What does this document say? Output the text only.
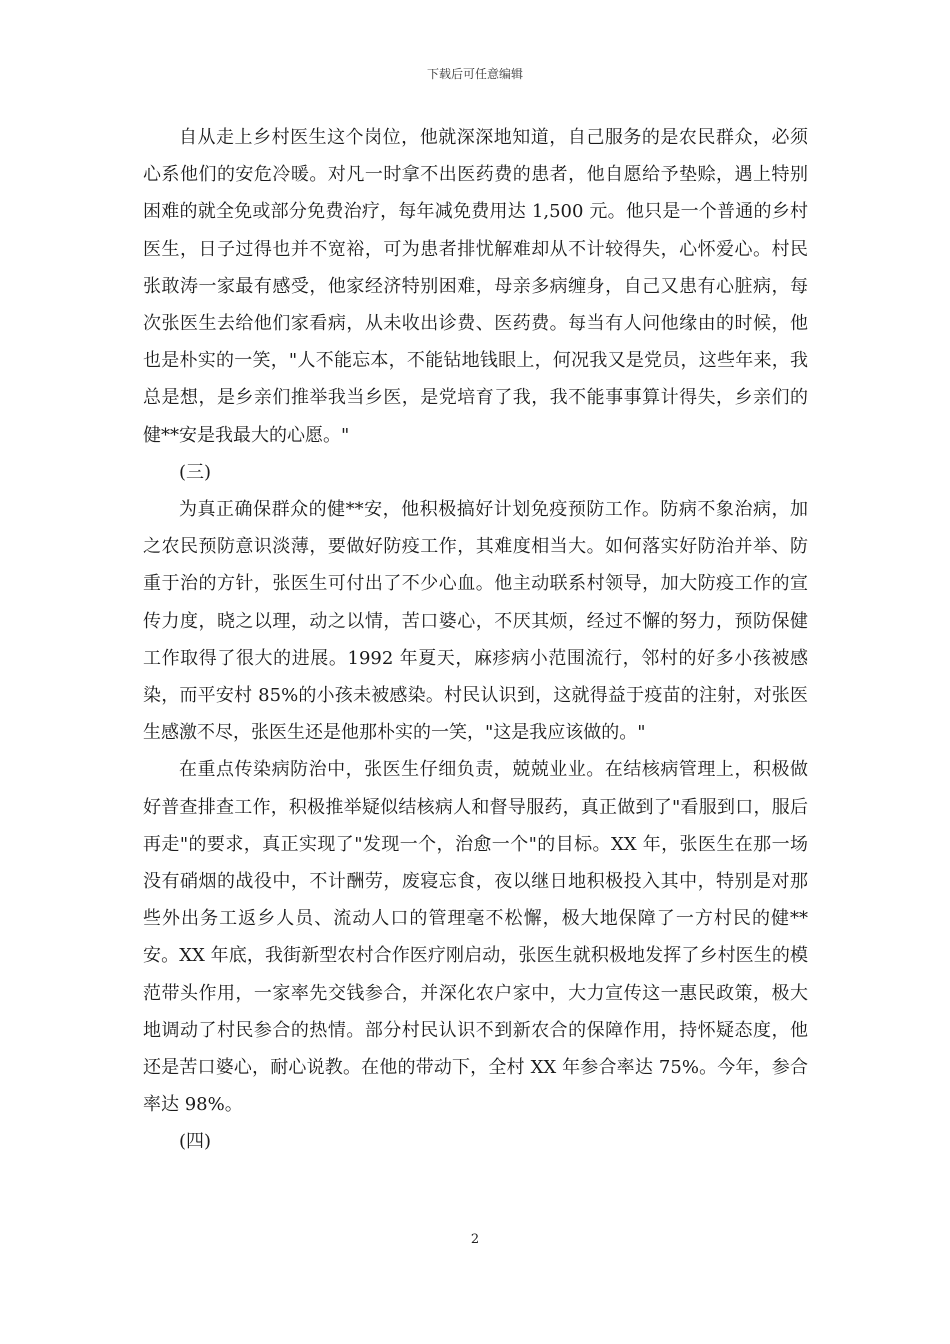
下载后可任意编辑

自从走上乡村医生这个岗位，他就深深地知道，自己服务的是农民群众，必须心系他们的安危冷暖。对凡一时拿不出医药费的患者，他自愿给予垫赊，遇上特别困难的就全免或部分免费治疗，每年减免费用达 1,500 元。他只是一个普通的乡村医生，日子过得也并不宽裕，可为患者排忧解难却从不计较得失，心怀爱心。村民张敢涛一家最有感受，他家经济特别困难，母亲多病缠身，自己又患有心脏病，每次张医生去给他们家看病，从未收出诊费、医药费。每当有人问他缘由的时候，他也是朴实的一笑，"人不能忘本，不能钻地钱眼上，何况我又是党员，这些年来，我总是想，是乡亲们推举我当乡医，是党培育了我，我不能事事算计得失，乡亲们的健**安是我最大的心愿。"

(三)

为真正确保群众的健**安，他积极搞好计划免疫预防工作。防病不象治病，加之农民预防意识淡薄，要做好防疫工作，其难度相当大。如何落实好防治并举、防重于治的方针，张医生可付出了不少心血。他主动联系村领导，加大防疫工作的宣传力度，晓之以理，动之以情，苦口婆心，不厌其烦，经过不懈的努力，预防保健工作取得了很大的进展。1992 年夏天，麻疹病小范围流行，邻村的好多小孩被感染，而平安村 85%的小孩未被感染。村民认识到，这就得益于疫苗的注射，对张医生感激不尽，张医生还是他那朴实的一笑，"这是我应该做的。"

在重点传染病防治中，张医生仔细负责，兢兢业业。在结核病管理上，积极做好普查排查工作，积极推举疑似结核病人和督导服药，真正做到了"看服到口，服后再走"的要求，真正实现了"发现一个，治愈一个"的目标。XX 年，张医生在那一场没有硝烟的战役中，不计酬劳，废寝忘食，夜以继日地积极投入其中，特别是对那些外出务工返乡人员、流动人口的管理毫不松懈，极大地保障了一方村民的健**安。XX 年底，我街新型农村合作医疗刚启动，张医生就积极地发挥了乡村医生的模范带头作用，一家率先交钱参合，并深化农户家中，大力宣传这一惠民政策，极大地调动了村民参合的热情。部分村民认识不到新农合的保障作用，持怀疑态度，他还是苦口婆心，耐心说教。在他的带动下，全村 XX 年参合率达 75%。今年，参合率达 98%。

(四)

2
